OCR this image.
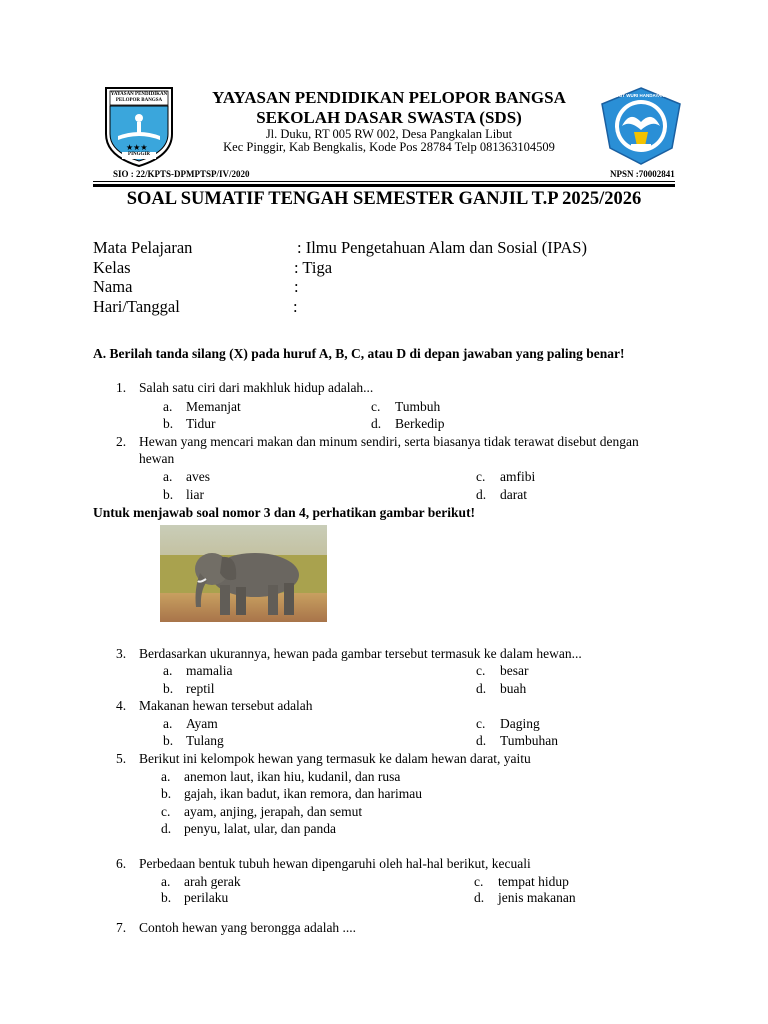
★★★
YAYASAN PENDIDIKAN
PELOPOR BANGSA
PINGGIR
TUT WURI HANDAYANI
YAYASAN PENDIDIKAN PELOPOR BANGSA
SEKOLAH DASAR SWASTA (SDS)
Jl. Duku, RT 005 RW 002, Desa Pangkalan Libut
Kec Pinggir, Kab Bengkalis, Kode Pos 28784 Telp 081363104509
SIO : 22/KPTS-DPMPTSP/IV/2020	NPSN :70002841
SOAL SUMATIF TENGAH SEMESTER GANJIL T.P 2025/2026
Mata Pelajaran	: Ilmu Pengetahuan Alam dan Sosial (IPAS)
Kelas	: Tiga
Nama	:
Hari/Tanggal	:
A. Berilah tanda silang (X) pada huruf A, B, C, atau D di depan jawaban yang paling benar!
1. Salah satu ciri dari makhluk hidup adalah...
a. Memanjat	c. Tumbuh
b. Tidur	d. Berkedip
2. Hewan yang mencari makan dan minum sendiri, serta biasanya tidak terawat disebut dengan
hewan
a. aves	c. amfibi
b. liar	d. darat
Untuk menjawab soal nomor 3 dan 4, perhatikan gambar berikut!
3. Berdasarkan ukurannya, hewan pada gambar tersebut termasuk ke dalam hewan...
a. mamalia	c. besar
b. reptil	d. buah
4. Makanan hewan tersebut adalah
a. Ayam	c. Daging
b. Tulang	d. Tumbuhan
5. Berikut ini kelompok hewan yang termasuk ke dalam hewan darat, yaitu
a. anemon laut, ikan hiu, kudanil, dan rusa
b. gajah, ikan badut, ikan remora, dan harimau
c. ayam, anjing, jerapah, dan semut
d. penyu, lalat, ular, dan panda
6. Perbedaan bentuk tubuh hewan dipengaruhi oleh hal-hal berikut, kecuali
a. arah gerak	c. tempat hidup
b. perilaku	d. jenis makanan
7. Contoh hewan yang berongga adalah ....
